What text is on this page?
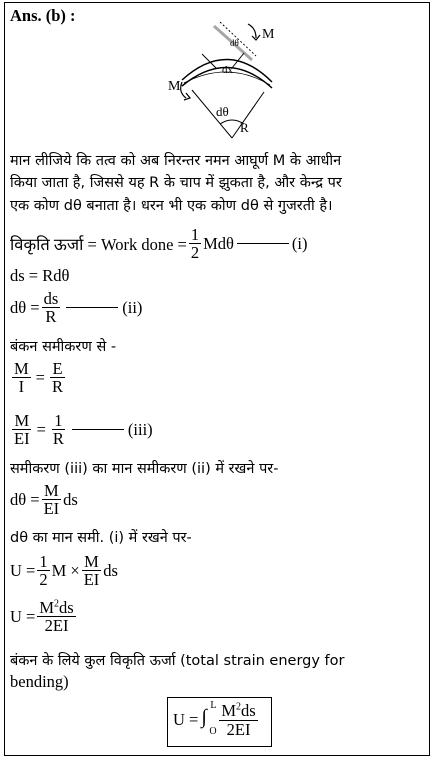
Ans. (b) :
M
M
dx
dθ
dθ
R
मान लीजिये कि तत्व को अब निरन्तर नमन आघूर्ण M के आधीन
किया जाता है, जिससे यह R के चाप में झुकता है, और केन्द्र पर
एक कोण dθ बनाता है। धरन भी एक कोण dθ से गुजरती है।
विकृति ऊर्जा = Work done = $\frac{1}{2}$ Mdθ	(i)
ds = Rdθ
$d\theta = \frac{ds}{R}$	(ii)
बंकन समीकरण से -
$\frac{M}{I} = \frac{E}{R}$
$\frac{M}{EI} = \frac{1}{R}$	(iii)
समीकरण (iii) का मान समीकरण (ii) में रखने पर-
$d\theta = \frac{M}{EI}$ ds
dθ का मान समी. (i) में रखने पर-
$U = \frac{1}{2}$ $M \times \frac{M}{EI}$ ds
$U = \frac{M^2ds}{2EI}$
बंकन के लिये कुल विकृति ऊर्जा (total strain energy for
bending)
U = ∫
L
O $\frac{M^2ds}{2EI}$
